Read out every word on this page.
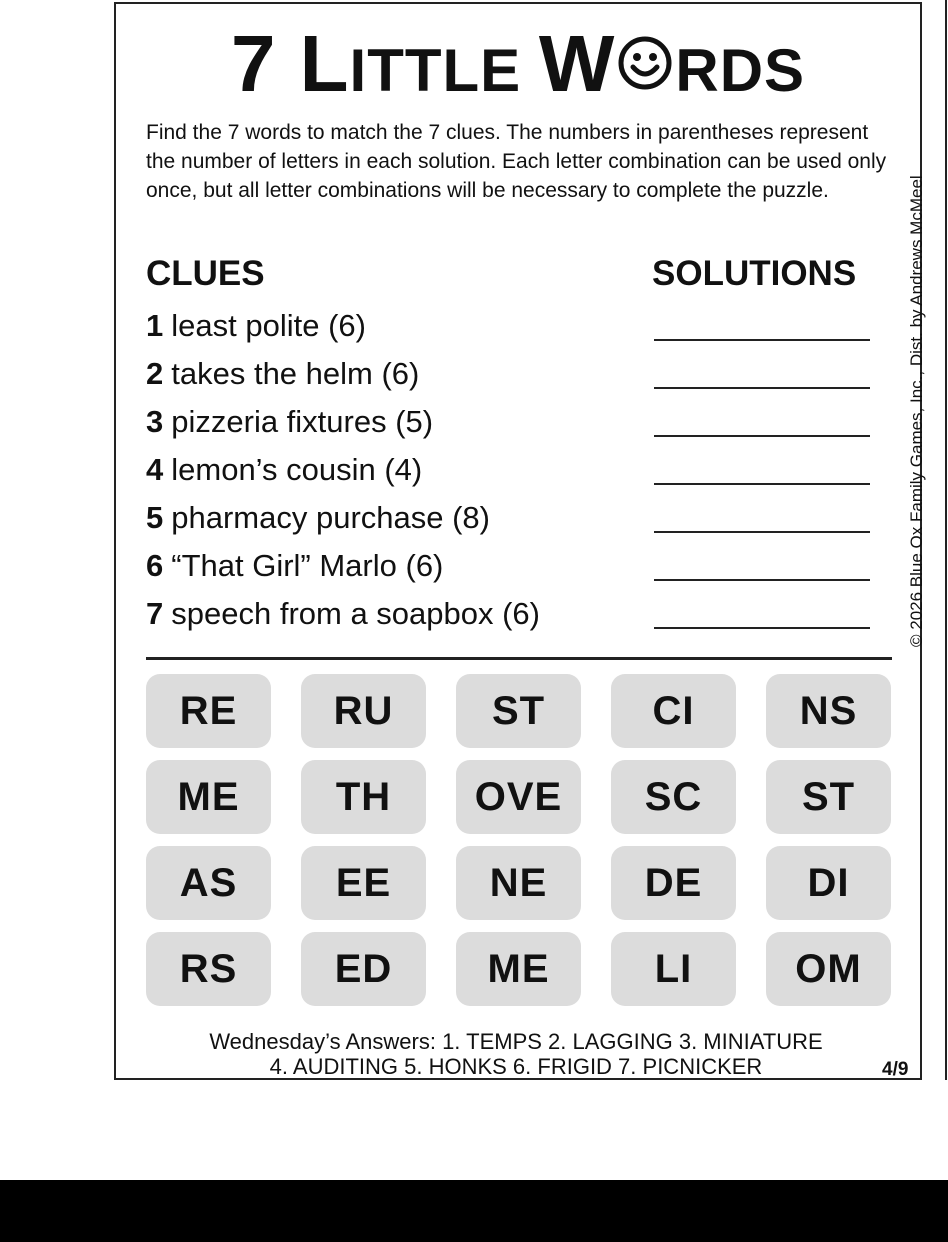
7 LITTLE W RDS
Find the 7 words to match the 7 clues. The numbers in parentheses represent the number of letters in each solution. Each letter combination can be used only once, but all letter combinations will be necessary to complete the puzzle.
CLUES	SOLUTIONS
1 least polite (6)
2 takes the helm (6)
3 pizzeria fixtures (5)
4 lemon’s cousin (4)
5 pharmacy purchase (8)
6 “That Girl” Marlo (6)
7 speech from a soapbox (6)
RE	RU	ST	CI	NS
ME	TH	OVE	SC	ST
AS	EE	NE	DE	DI
RS	ED	ME	LI	OM
Wednesday’s Answers: 1. TEMPS 2. LAGGING 3. MINIATURE
4. AUDITING 5. HONKS 6. FRIGID 7. PICNICKER	4/9
© 2026 Blue Ox Family Games, Inc., Dist. by Andrews McMeel
